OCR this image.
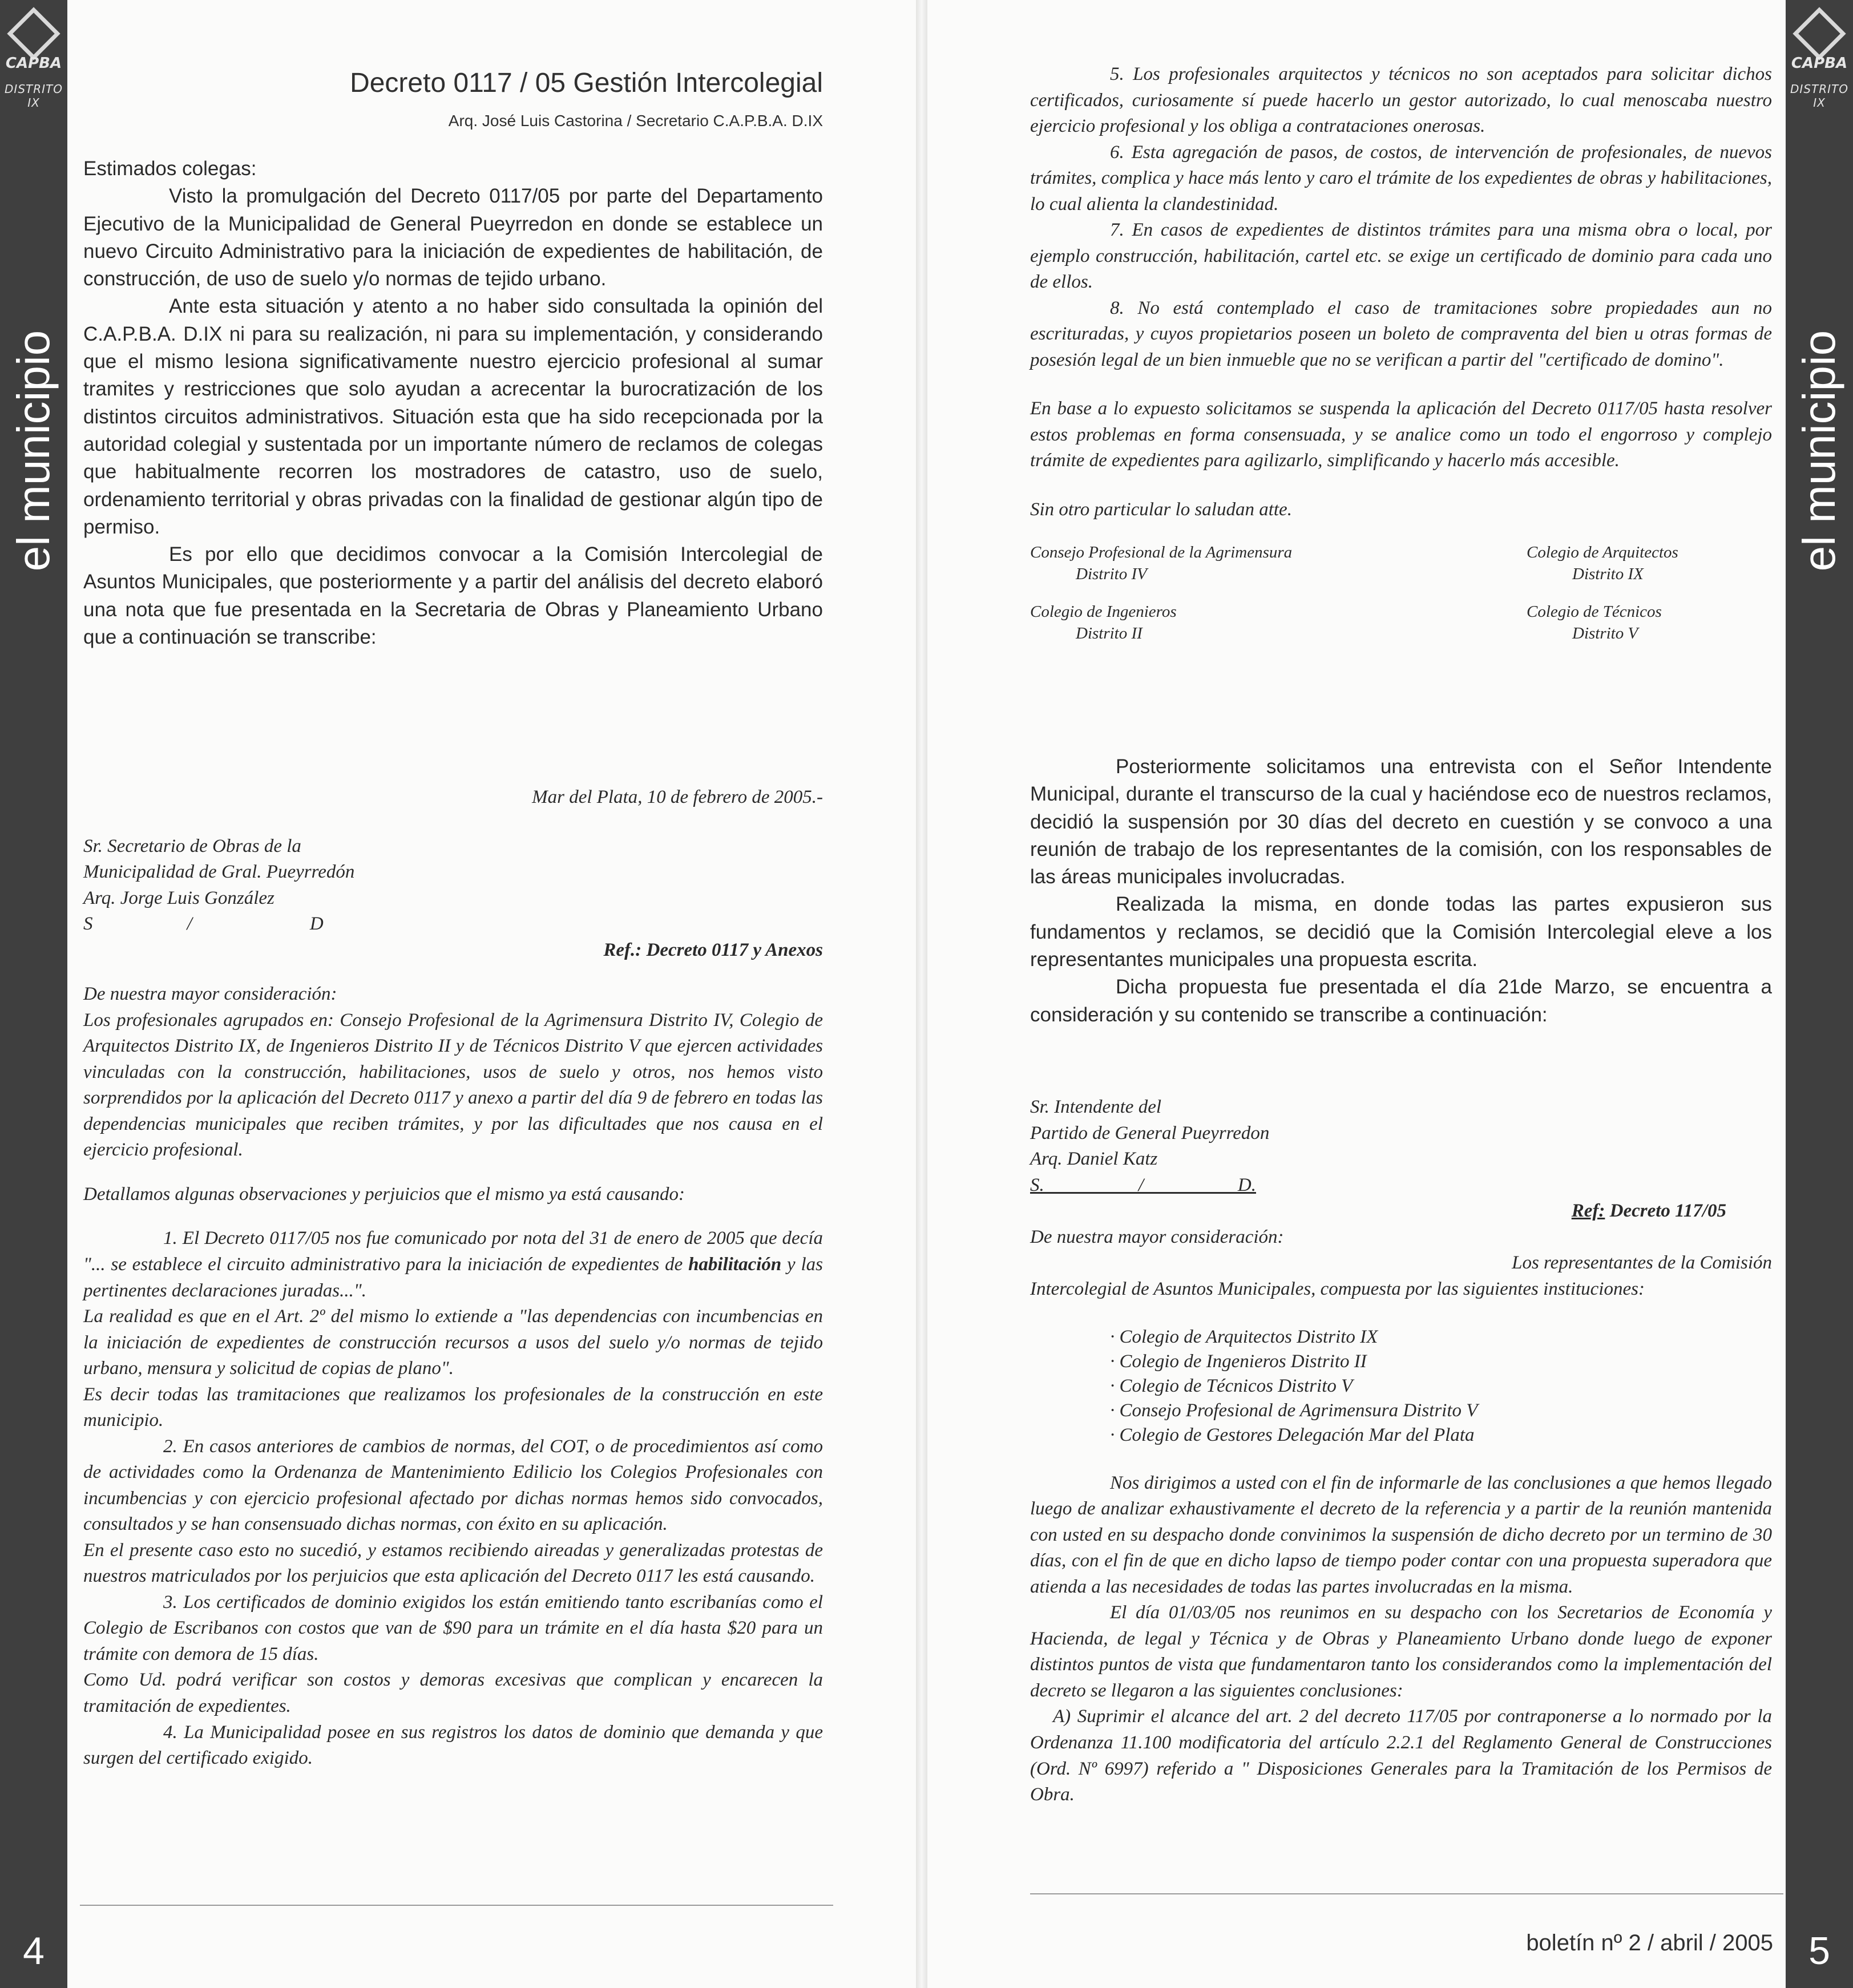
CAPBA
DISTRITO IX
el municipio
4
Decreto 0117 / 05 Gestión Intercolegial
Arq. José Luis Castorina / Secretario C.A.P.B.A. D.IX

Estimados colegas:

Visto la promulgación del Decreto 0117/05 por parte del Departamento Ejecutivo de la Municipalidad de General Pueyrredon en donde se establece un nuevo Circuito Administrativo para la iniciación de expedientes de habilitación, de construcción, de uso de suelo y/o normas de tejido urbano.

Ante esta situación y atento a no haber sido consultada la opinión del C.A.P.B.A. D.IX ni para su realización, ni para su implementación, y considerando que el mismo lesiona significativamente nuestro ejercicio profesional al sumar tramites y restricciones que solo ayudan a acrecentar la burocratización de los distintos circuitos administrativos. Situación esta que ha sido recepcionada por la autoridad colegial y sustentada por un importante número de reclamos de colegas que habitualmente recorren los mostradores de catastro, uso de suelo, ordenamiento territorial y obras privadas con la finalidad de gestionar algún tipo de permiso.

Es por ello que decidimos convocar a la Comisión Intercolegial de Asuntos Municipales, que posteriormente y a partir del análisis del decreto elaboró una nota que fue presentada en la Secretaria de Obras y Planeamiento Urbano que a continuación se transcribe:

Mar del Plata, 10 de febrero de 2005.-

Sr. Secretario de Obras de la

Municipalidad de Gral. Pueyrredón

Arq. Jorge Luis González

S                    /                         D

Ref.: Decreto 0117 y Anexos

De nuestra mayor consideración:

Los profesionales agrupados en: Consejo Profesional de la Agrimensura Distrito IV, Colegio de Arquitectos Distrito IX, de Ingenieros Distrito II y de Técnicos Distrito V que ejercen actividades vinculadas con la construcción, habilitaciones, usos de suelo y otros, nos hemos visto sorprendidos por la aplicación del Decreto 0117 y anexo a partir del día 9 de febrero en todas las dependencias municipales que reciben trámites, y por las dificultades que nos causa en el ejercicio profesional.

Detallamos algunas observaciones y perjuicios que el mismo ya está causando:

1. El Decreto 0117/05 nos fue comunicado por nota del 31 de enero de 2005 que decía "... se establece el circuito administrativo para la iniciación de expedientes de habilitación y las pertinentes declaraciones juradas...".

La realidad es que en el Art. 2º del mismo lo extiende a "las dependencias con incumbencias en la iniciación de expedientes de construcción recursos a usos del suelo y/o normas de tejido urbano, mensura y solicitud de copias de plano".

Es decir todas las tramitaciones que realizamos los profesionales de la construcción en este municipio.

2. En casos anteriores de cambios de normas, del COT, o de procedimientos así como de actividades como la Ordenanza de Mantenimiento Edilicio los Colegios Profesionales con incumbencias y con ejercicio profesional afectado por dichas normas hemos sido convocados, consultados y se han consensuado dichas normas, con éxito en su aplicación.

En el presente caso esto no sucedió, y estamos recibiendo aireadas y generalizadas protestas de nuestros matriculados por los perjuicios que esta aplicación del Decreto 0117 les está causando.

3. Los certificados de dominio exigidos los están emitiendo tanto escribanías como el Colegio de Escribanos con costos que van de $90 para un trámite en el día hasta $20 para un trámite con demora de 15 días.

Como Ud. podrá verificar son costos y demoras excesivas que complican y encarecen la tramitación de expedientes.

4. La Municipalidad posee en sus registros los datos de dominio que demanda y que surgen del certificado exigido.

CAPBA
DISTRITO IX
el municipio
5

5. Los profesionales arquitectos y técnicos no son aceptados para solicitar dichos certificados, curiosamente sí puede hacerlo un gestor autorizado, lo cual menoscaba nuestro ejercicio profesional y los obliga a contrataciones onerosas.

6. Esta agregación de pasos, de costos, de intervención de profesionales, de nuevos trámites, complica y hace más lento y caro el trámite de los expedientes de obras y habilitaciones, lo cual alienta la clandestinidad.

7. En casos de expedientes de distintos trámites para una misma obra o local, por ejemplo construcción, habilitación, cartel etc. se exige un certificado de dominio para cada uno de ellos.

8. No está contemplado el caso de tramitaciones sobre propiedades aun no escrituradas, y cuyos propietarios poseen un boleto de compraventa del bien u otras formas de posesión legal de un bien inmueble que no se verifican a partir del "certificado de domino".

En base a lo expuesto solicitamos se suspenda la aplicación del Decreto 0117/05 hasta resolver estos problemas en forma consensuada, y se analice como un todo el engorroso y complejo trámite de expedientes para agilizarlo, simplificando y hacerlo más accesible.

Sin otro particular lo saludan atte.

Consejo Profesional de la Agrimensura
Distrito IV
Colegio de Arquitectos
Distrito IX
Colegio de Ingenieros
Distrito II
Colegio de Técnicos
Distrito V

Posteriormente solicitamos una entrevista con el Señor Intendente Municipal, durante el transcurso de la cual y haciéndose eco de nuestros reclamos, decidió la suspensión por 30 días del decreto en cuestión y se convoco a una reunión de trabajo de los representantes de la comisión, con los responsables de las áreas municipales involucradas.

Realizada la misma, en donde todas las partes expusieron sus fundamentos y reclamos, se decidió que la Comisión Intercolegial eleve a los representantes municipales una propuesta escrita.

Dicha propuesta fue presentada el día 21de Marzo, se encuentra a consideración y su contenido se transcribe a continuación:

Sr. Intendente del

Partido de General Pueyrredon

Arq. Daniel Katz

S.                    /                    D.

Ref: Decreto 117/05

De nuestra mayor consideración:

Los representantes de la Comisión

Intercolegial de Asuntos Municipales, compuesta por las siguientes instituciones:

· Colegio de Arquitectos Distrito IX

· Colegio de Ingenieros Distrito II

· Colegio de Técnicos Distrito V

· Consejo Profesional de Agrimensura Distrito V

· Colegio de Gestores Delegación Mar del Plata

Nos dirigimos a usted con el fin de informarle de las conclusiones a que hemos llegado luego de analizar exhaustivamente el decreto de la referencia y a partir de la reunión mantenida con usted en su despacho donde convinimos la suspensión de dicho decreto por un termino de 30 días, con el fin de que en dicho lapso de tiempo poder contar con una propuesta superadora que atienda a las necesidades de todas las partes involucradas en la misma.

El día 01/03/05 nos reunimos en su despacho con los Secretarios de Economía y Hacienda, de legal y Técnica y de Obras y Planeamiento Urbano donde luego de exponer distintos puntos de vista que fundamentaron tanto los considerandos como la implementación del decreto se llegaron a las siguientes conclusiones:

A) Suprimir el alcance del art. 2 del decreto 117/05 por contraponerse a lo normado por la Ordenanza 11.100 modificatoria del artículo 2.2.1 del Reglamento General de Construcciones (Ord. Nº 6997) referido a " Disposiciones Generales para la Tramitación de los Permisos de Obra.

boletín nº 2 / abril / 2005
